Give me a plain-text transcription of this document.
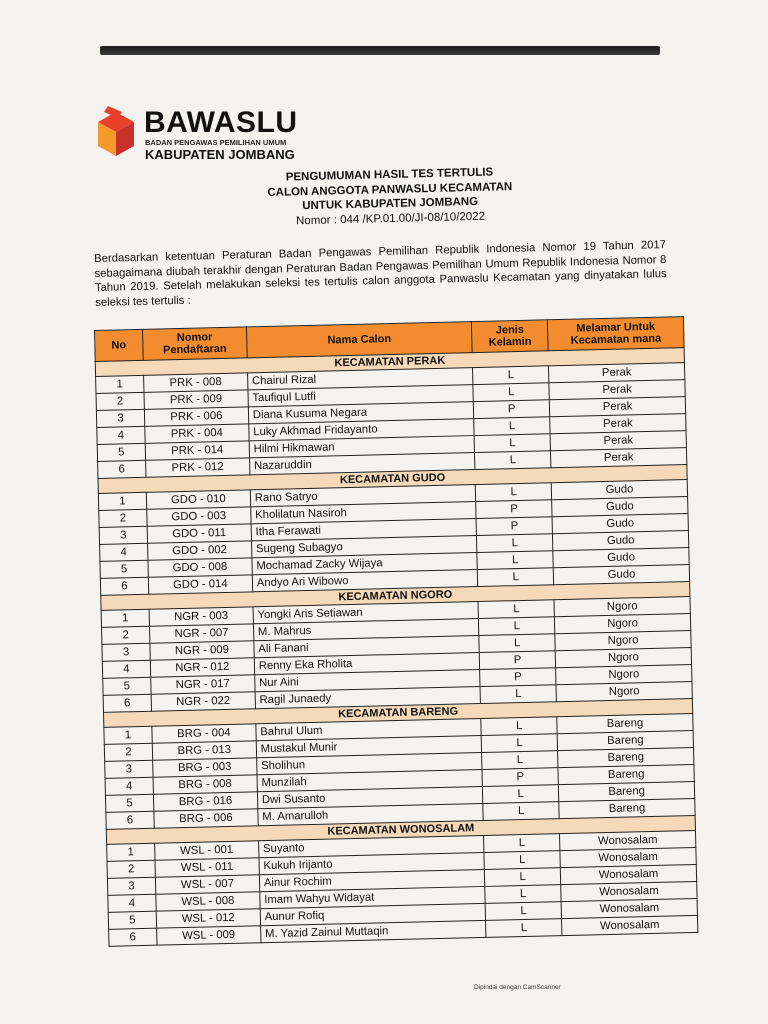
BAWASLU
BADAN PENGAWAS PEMILIHAN UMUM
KABUPATEN JOMBANG
PENGUMUMAN HASIL TES TERTULIS
CALON ANGGOTA PANWASLU KECAMATAN
UNTUK KABUPATEN JOMBANG
Nomor : 044 /KP.01.00/JI-08/10/2022

Berdasarkan ketentuan Peraturan Badan Pengawas Pemilihan Republik Indonesia Nomor 19 Tahun 2017 sebagaimana diubah terakhir dengan Peraturan Badan Pengawas Pemilihan Umum Republik Indonesia Nomor 8 Tahun 2019. Setelah melakukan seleksi tes tertulis calon anggota Panwaslu Kecamatan yang dinyatakan lulus seleksi tes tertulis :

No	Nomor Pendaftaran	Nama Calon	Jenis Kelamin	Melamar Untuk Kecamatan mana
KECAMATAN PERAK				
1	PRK - 008	Chairul Rizal	L	Perak
2	PRK - 009	Taufiqul Lutfi	L	Perak
3	PRK - 006	Diana Kusuma Negara	P	Perak
4	PRK - 004	Luky Akhmad Fridayanto	L	Perak
5	PRK - 014	Hilmi Hikmawan	L	Perak
6	PRK - 012	Nazaruddin	L	Perak
KECAMATAN GUDO				
1	GDO - 010	Rano Satryo	L	Gudo
2	GDO - 003	Kholilatun Nasiroh	P	Gudo
3	GDO - 011	Itha Ferawati	P	Gudo
4	GDO - 002	Sugeng Subagyo	L	Gudo
5	GDO - 008	Mochamad Zacky Wijaya	L	Gudo
6	GDO - 014	Andyo Ari Wibowo	L	Gudo
KECAMATAN NGORO				
1	NGR - 003	Yongki Aris Setiawan	L	Ngoro
2	NGR - 007	M. Mahrus	L	Ngoro
3	NGR - 009	Ali Fanani	L	Ngoro
4	NGR - 012	Renny Eka Rholita	P	Ngoro
5	NGR - 017	Nur Aini	P	Ngoro
6	NGR - 022	Ragil Junaedy	L	Ngoro
KECAMATAN BARENG				
1	BRG - 004	Bahrul Ulum	L	Bareng
2	BRG - 013	Mustakul Munir	L	Bareng
3	BRG - 003	Sholihun	L	Bareng
4	BRG - 008	Munzilah	P	Bareng
5	BRG - 016	Dwi Susanto	L	Bareng
6	BRG - 006	M. Amarulloh	L	Bareng
KECAMATAN WONOSALAM				
1	WSL - 001	Suyanto	L	Wonosalam
2	WSL - 011	Kukuh Irijanto	L	Wonosalam
3	WSL - 007	Ainur Rochim	L	Wonosalam
4	WSL - 008	Imam Wahyu Widayat	L	Wonosalam
5	WSL - 012	Aunur Rofiq	L	Wonosalam
6	WSL - 009	M. Yazid Zainul Muttaqin	L	Wonosalam
Dipindai dengan CamScanner
